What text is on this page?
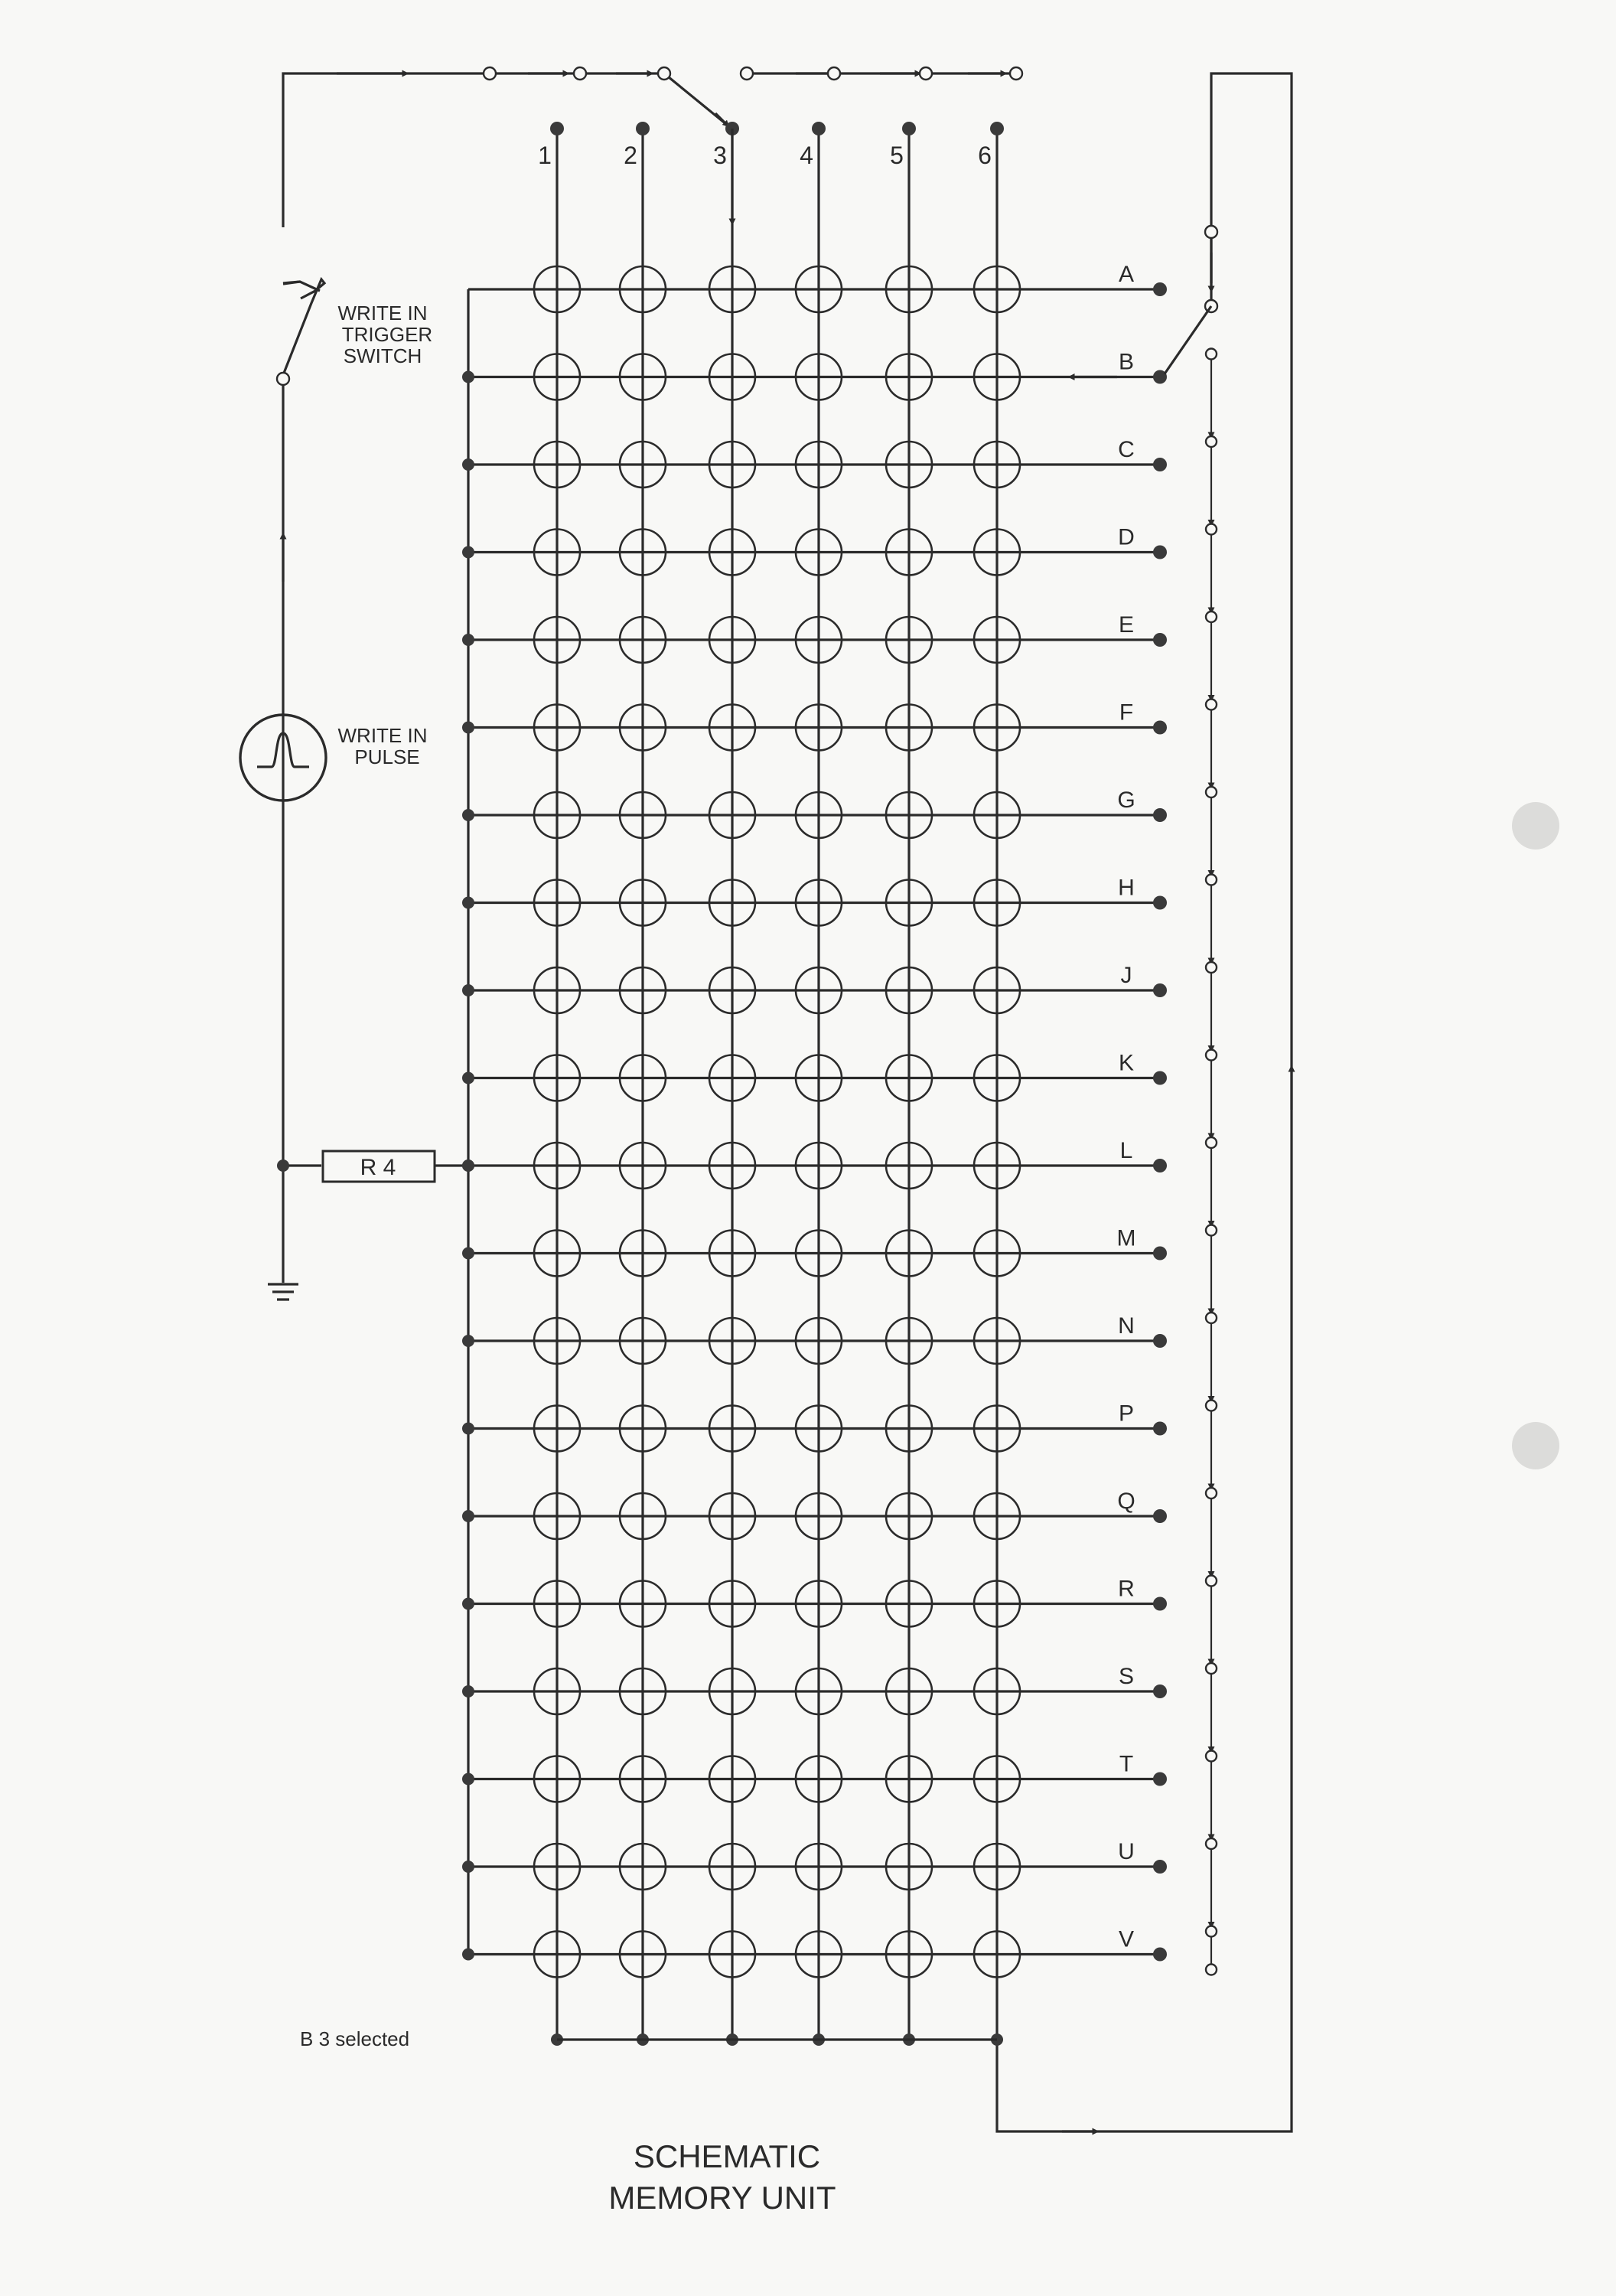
A
B
C
D
E
F
G
H
J
K
L
M
N
P
Q
R
S
T
U
V
1	2	3	4	5	6
WRITE IN
TRIGGER
SWITCH
WRITE IN
PULSE
R 4
B 3 selected
SCHEMATIC
MEMORY UNIT
